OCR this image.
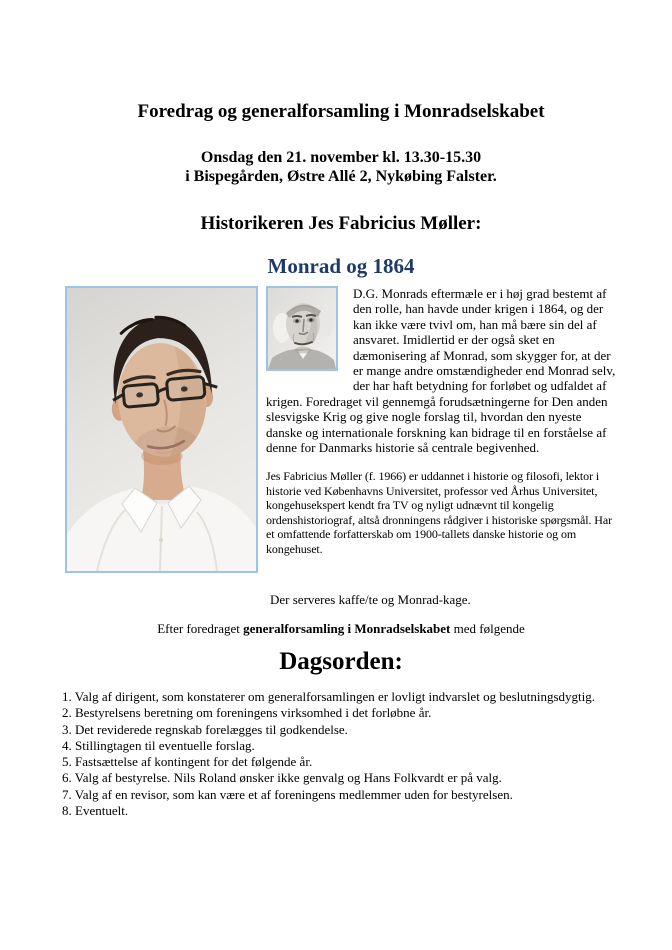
Foredrag og generalforsamling i Monradselskabet
Onsdag den 21. november kl. 13.30-15.30
i Bispegården, Østre Allé 2, Nykøbing Falster.
Historikeren Jes Fabricius Møller:
Monrad og 1864

D.G. Monrads eftermæle er i høj grad bestemt af den rolle, han havde under krigen i 1864, og der kan ikke være tvivl om, han må bære sin del af ansvaret. Imidlertid er der også sket en dæmonisering af Monrad, som skygger for, at der er mange andre omstændigheder end Monrad selv, der har haft betydning for forløbet og udfaldet af krigen. Foredraget vil gennemgå forudsætningerne for Den anden slesvigske Krig og give nogle forslag til, hvordan den nyeste danske og internationale forskning kan bidrage til en forståelse af denne for Danmarks historie så centrale begivenhed.

Jes Fabricius Møller (f. 1966) er uddannet i historie og filosofi, lektor i historie ved Københavns Universitet, professor ved Århus Universitet, kongehusekspert kendt fra TV og nyligt udnævnt til kongelig ordenshistoriograf, altså dronningens rådgiver i historiske spørgsmål. Har et omfattende forfatterskab om 1900-tallets danske historie og om kongehuset.

Der serveres kaffe/te og Monrad-kage.

Efter foredraget generalforsamling i Monradselskabet med følgende

Dagsorden:
1. Valg af dirigent, som konstaterer om generalforsamlingen er lovligt indvarslet og beslutningsdygtig.
2. Bestyrelsens beretning om foreningens virksomhed i det forløbne år.
3. Det reviderede regnskab forelægges til godkendelse.
4. Stillingtagen til eventuelle forslag.
5. Fastsættelse af kontingent for det følgende år.
6. Valg af bestyrelse. Nils Roland ønsker ikke genvalg og Hans Folkvardt er på valg.
7. Valg af en revisor, som kan være et af foreningens medlemmer uden for bestyrelsen.
8. Eventuelt.
